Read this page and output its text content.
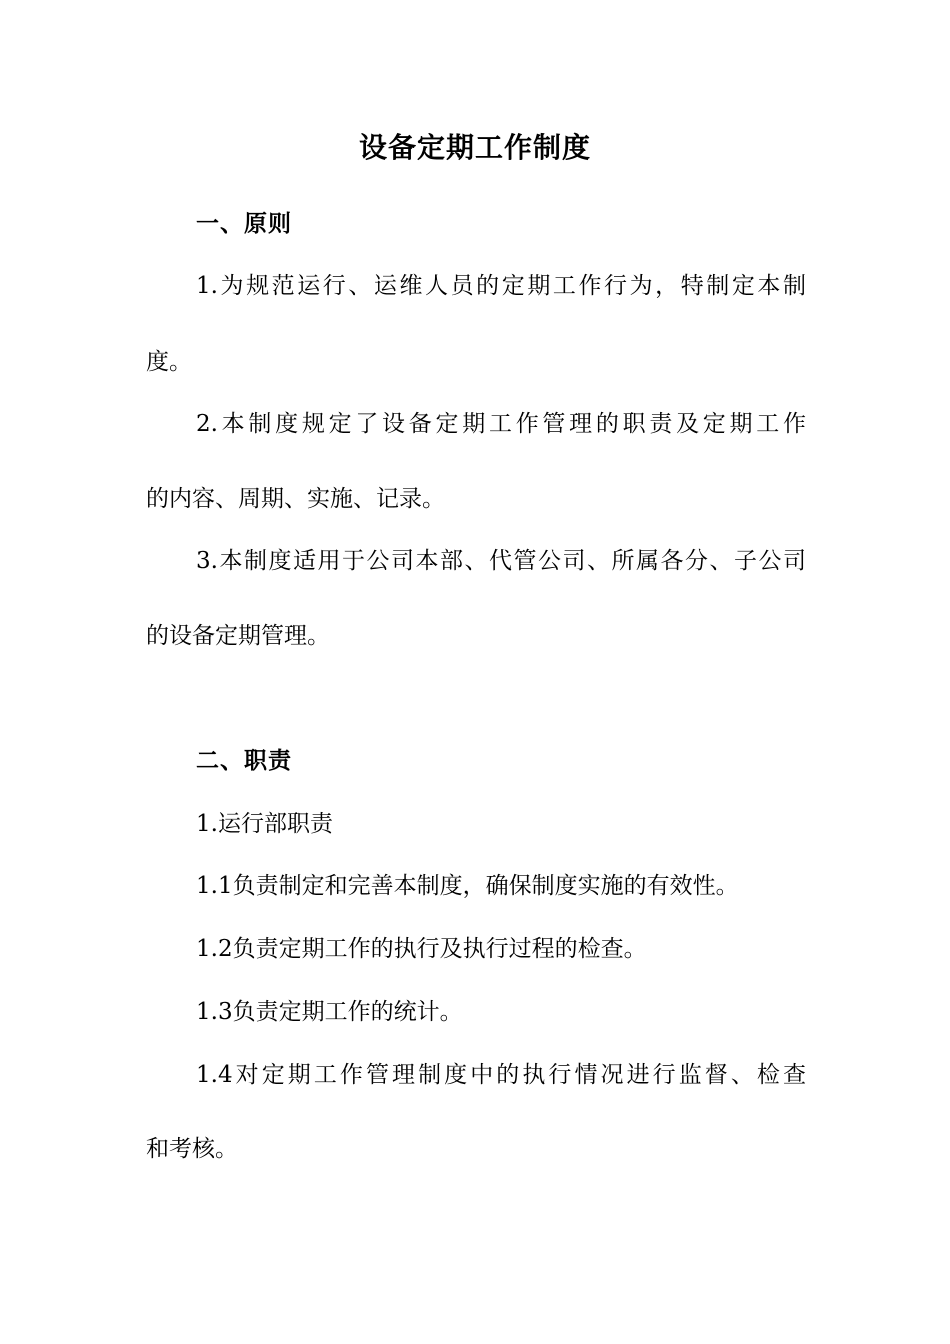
设备定期工作制度
一、原则
1.为规范运行、运维人员的定期工作行为，特制定本制
度。
2.本制度规定了设备定期工作管理的职责及定期工作
的内容、周期、实施、记录。
3.本制度适用于公司本部、代管公司、所属各分、子公司
的设备定期管理。
二、职责
1.运行部职责
1.1负责制定和完善本制度，确保制度实施的有效性。
1.2负责定期工作的执行及执行过程的检查。
1.3负责定期工作的统计。
1.4对定期工作管理制度中的执行情况进行监督、检查
和考核。
